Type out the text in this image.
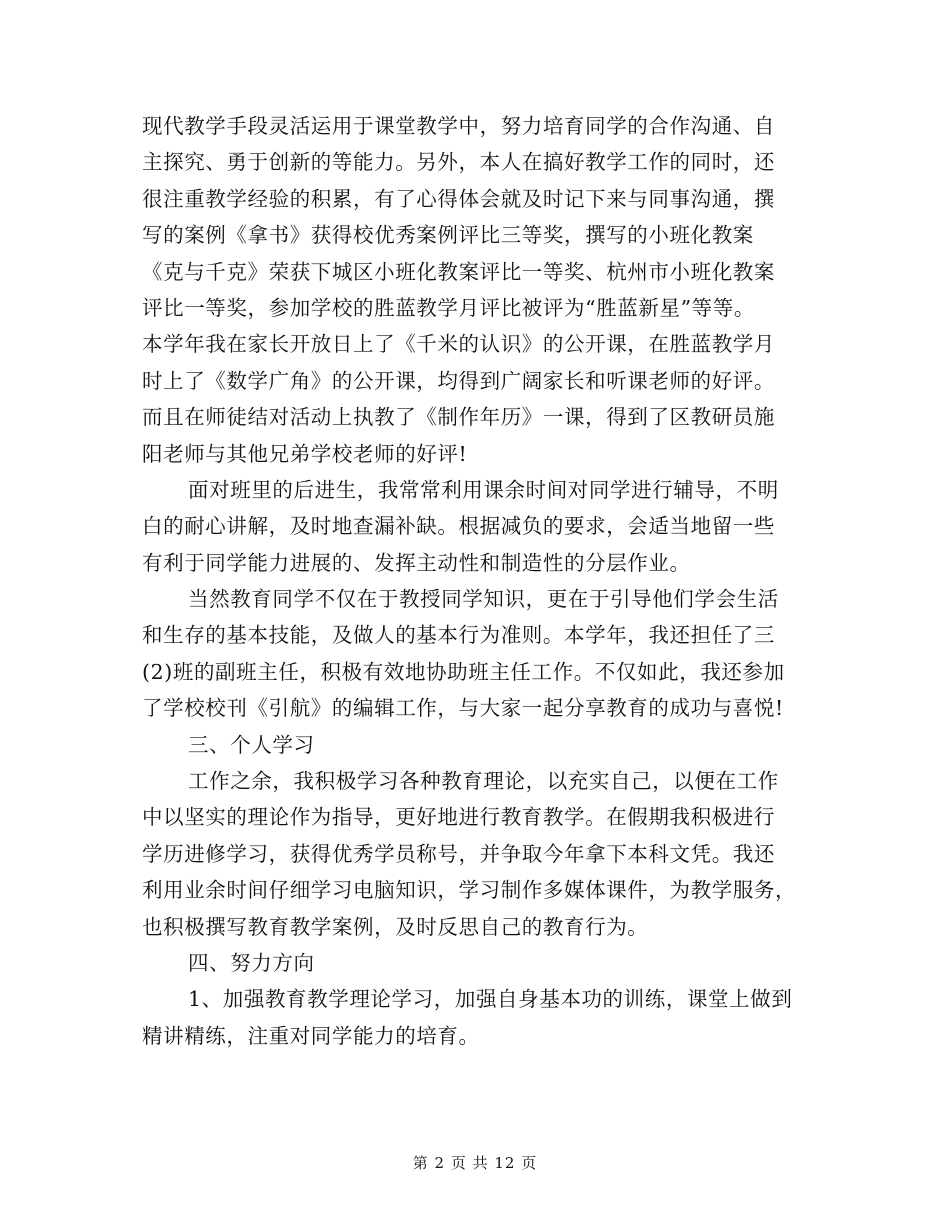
现代教学手段灵活运用于课堂教学中，努力培育同学的合作沟通、自
主探究、勇于创新的等能力。另外，本人在搞好教学工作的同时，还
很注重教学经验的积累，有了心得体会就及时记下来与同事沟通，撰
写的案例《拿书》获得校优秀案例评比三等奖，撰写的小班化教案
《克与千克》荣获下城区小班化教案评比一等奖、杭州市小班化教案
评比一等奖，参加学校的胜蓝教学月评比被评为“胜蓝新星”等等。
本学年我在家长开放日上了《千米的认识》的公开课，在胜蓝教学月
时上了《数学广角》的公开课，均得到广阔家长和听课老师的好评。
而且在师徒结对活动上执教了《制作年历》一课，得到了区教研员施
阳老师与其他兄弟学校老师的好评!
面对班里的后进生，我常常利用课余时间对同学进行辅导，不明
白的耐心讲解，及时地查漏补缺。根据减负的要求，会适当地留一些
有利于同学能力进展的、发挥主动性和制造性的分层作业。
当然教育同学不仅在于教授同学知识，更在于引导他们学会生活
和生存的基本技能，及做人的基本行为准则。本学年，我还担任了三
(2)班的副班主任，积极有效地协助班主任工作。不仅如此，我还参加
了学校校刊《引航》的编辑工作，与大家一起分享教育的成功与喜悦!
三、个人学习
工作之余，我积极学习各种教育理论，以充实自己，以便在工作
中以坚实的理论作为指导，更好地进行教育教学。在假期我积极进行
学历进修学习，获得优秀学员称号，并争取今年拿下本科文凭。我还
利用业余时间仔细学习电脑知识，学习制作多媒体课件，为教学服务，
也积极撰写教育教学案例，及时反思自己的教育行为。
四、努力方向
1、加强教育教学理论学习，加强自身基本功的训练，课堂上做到
精讲精练，注重对同学能力的培育。
第 2 页 共 12 页
